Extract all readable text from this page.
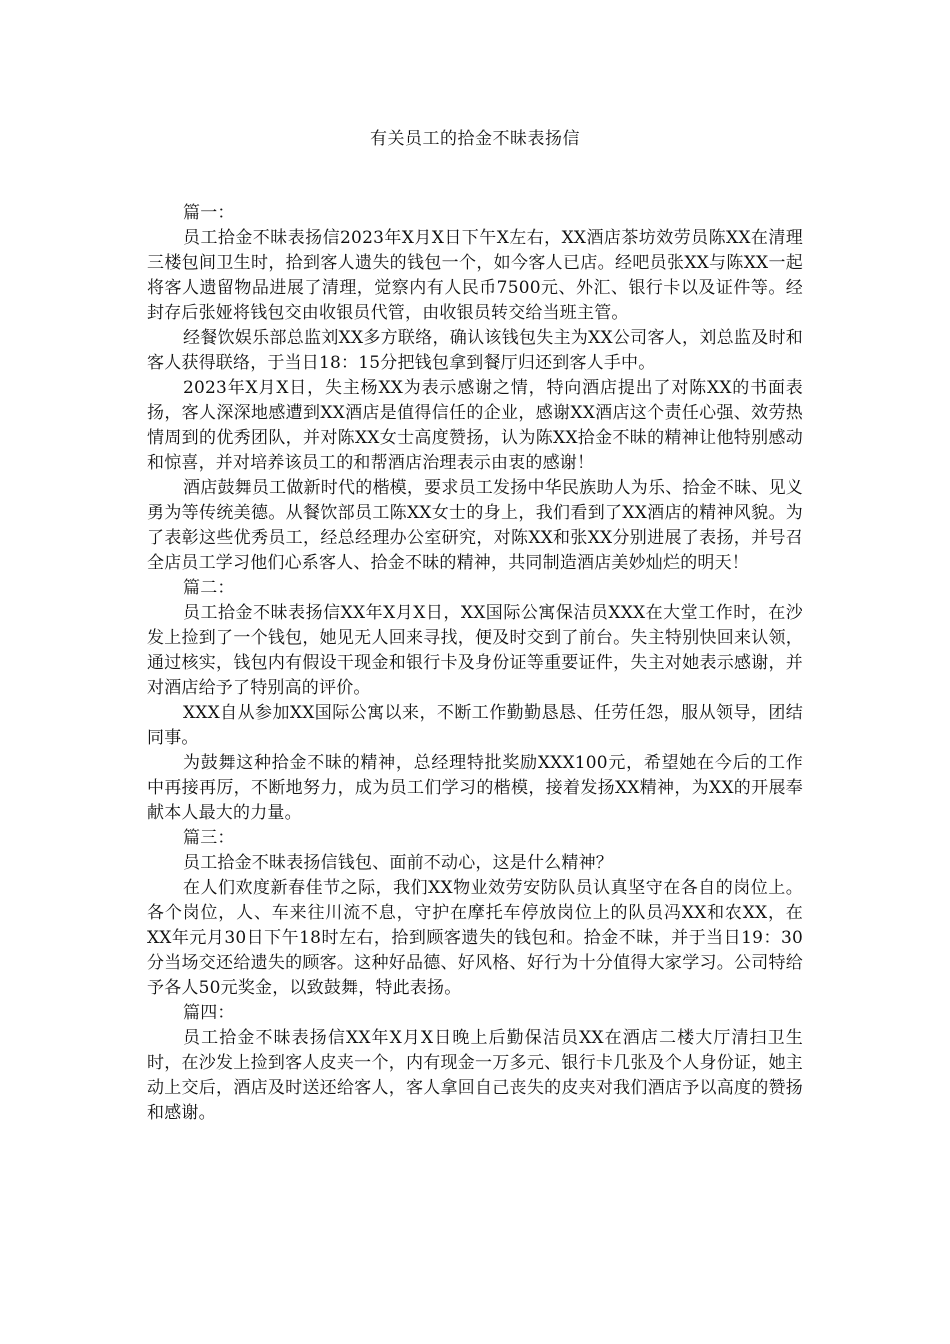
有关员工的拾金不昧表扬信

篇一：

员工拾金不昧表扬信2023年X月X日下午X左右，XX酒店茶坊效劳员陈XX在清理三楼包间卫生时，拾到客人遗失的钱包一个，如今客人已店。经吧员张XX与陈XX一起将客人遗留物品进展了清理，觉察内有人民币7500元、外汇、银行卡以及证件等。经封存后张娅将钱包交由收银员代管，由收银员转交给当班主管。

经餐饮娱乐部总监刘XX多方联络，确认该钱包失主为XX公司客人，刘总监及时和客人获得联络，于当日18：15分把钱包拿到餐厅归还到客人手中。

2023年X月X日，失主杨XX为表示感谢之情，特向酒店提出了对陈XX的书面表扬，客人深深地感遭到XX酒店是值得信任的企业，感谢XX酒店这个责任心强、效劳热情周到的优秀团队，并对陈XX女士高度赞扬，认为陈XX拾金不昧的精神让他特别感动和惊喜，并对培养该员工的和帮酒店治理表示由衷的感谢！

酒店鼓舞员工做新时代的楷模，要求员工发扬中华民族助人为乐、拾金不昧、见义勇为等传统美德。从餐饮部员工陈XX女士的身上，我们看到了XX酒店的精神风貌。为了表彰这些优秀员工，经总经理办公室研究，对陈XX和张XX分别进展了表扬，并号召全店员工学习他们心系客人、拾金不昧的精神，共同制造酒店美妙灿烂的明天！

篇二：

员工拾金不昧表扬信XX年X月X日，XX国际公寓保洁员XXX在大堂工作时，在沙发上捡到了一个钱包，她见无人回来寻找，便及时交到了前台。失主特别快回来认领，通过核实，钱包内有假设干现金和银行卡及身份证等重要证件，失主对她表示感谢，并对酒店给予了特别高的评价。

XXX自从参加XX国际公寓以来，不断工作勤勤恳恳、任劳任怨，服从领导，团结同事。

为鼓舞这种拾金不昧的精神，总经理特批奖励XXX100元，希望她在今后的工作中再接再厉，不断地努力，成为员工们学习的楷模，接着发扬XX精神，为XX的开展奉献本人最大的力量。

篇三：

员工拾金不昧表扬信钱包、面前不动心，这是什么精神？

在人们欢度新春佳节之际，我们XX物业效劳安防队员认真坚守在各自的岗位上。各个岗位，人、车来往川流不息，守护在摩托车停放岗位上的队员冯XX和农XX，在XX年元月30日下午18时左右，拾到顾客遗失的钱包和。拾金不昧，并于当日19：30分当场交还给遗失的顾客。这种好品德、好风格、好行为十分值得大家学习。公司特给予各人50元奖金，以致鼓舞，特此表扬。

篇四：

员工拾金不昧表扬信XX年X月X日晚上后勤保洁员XX在酒店二楼大厅清扫卫生时，在沙发上捡到客人皮夹一个，内有现金一万多元、银行卡几张及个人身份证，她主动上交后，酒店及时送还给客人，客人拿回自己丧失的皮夹对我们酒店予以高度的赞扬和感谢。
